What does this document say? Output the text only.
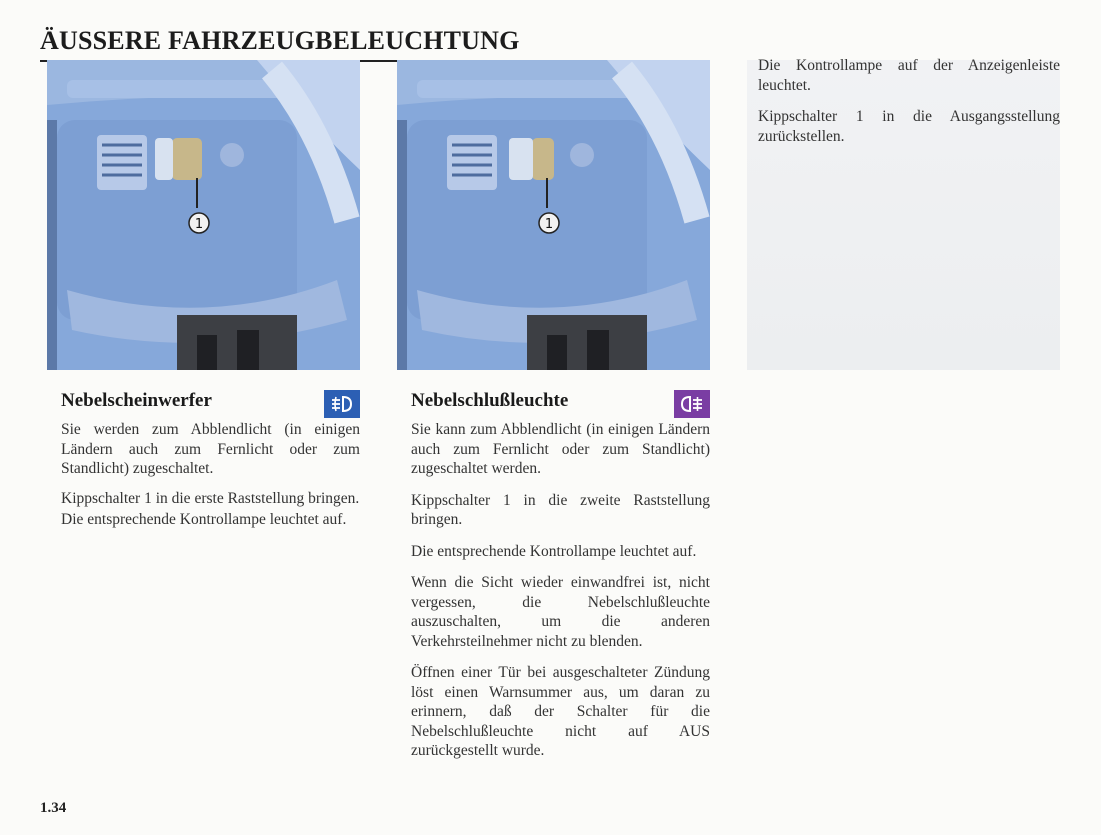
ÄUSSERE FAHRZEUGBELEUCHTUNG
1	1
Nebelscheinwerfer

Sie werden zum Abblendlicht (in einigen Ländern auch zum Fernlicht oder zum Standlicht) zugeschaltet.

Kippschalter 1 in die erste Raststellung bringen.

Die entsprechende Kontrollampe leuchtet auf.

Nebelschlußleuchte

Sie kann zum Abblendlicht (in einigen Ländern auch zum Fernlicht oder zum Standlicht) zugeschaltet werden.

Kippschalter 1 in die zweite Raststellung bringen.

Die entsprechende Kontrollampe leuchtet auf.

Wenn die Sicht wieder einwandfrei ist, nicht vergessen, die Nebelschlußleuchte auszuschalten, um die anderen Verkehrsteilnehmer nicht zu blenden.

Öffnen einer Tür bei ausgeschalteter Zündung löst einen Warnsummer aus, um daran zu erinnern, daß der Schalter für die Nebelschlußleuchte nicht auf AUS zurückgestellt wurde.

Die Kontrollampe auf der Anzeigenleiste leuchtet.

Kippschalter 1 in die Ausgangsstellung zurückstellen.

1.34
